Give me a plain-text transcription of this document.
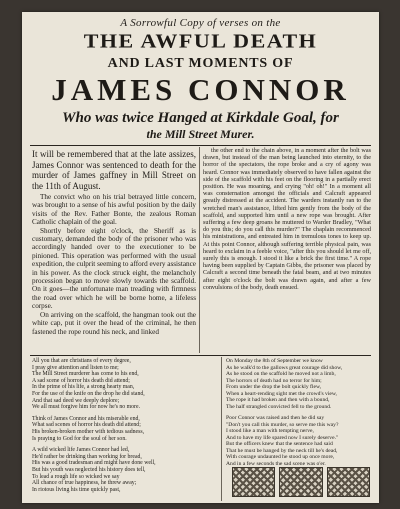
A Sorrowful Copy of verses on the
THE AWFUL DEATH
AND LAST MOMENTS OF
JAMES CONNOR
Who was twice Hanged at Kirkdale Goal, for
the Mill Street Murer.

It will be remembered that at the late assizes, James Connor was sentenced to death for the murder of James gaffney in Mill Street on the 11th of August.

The convict who on his trial betrayed little concern, was brought to a sense of his awful position by the daily visits of the Rev. Father Bonte, the zealous Roman Catholic chaplain of the goal.

Shortly before eight o'clock, the Sheriff as is customary, demanded the body of the prisoner who was accordingly handed over to the executioner to be pinioned. This operation was performed with the usual expedition, the culprit seeming to afford every assistance in his power. As the clock struck eight, the melancholy procession began to move slowly towards the scaffold. On it goes—the unfortunate man treading with firmness the road over which he will be borne home, a lifeless corpse.

On arriving on the scaffold, the hangman took out the white cap, put it over the head of the criminal, he then fastened the rope round his neck, and linked

the other end to the chain above, in a moment after the bolt was drawn, but instead of the man being launched into eternity, to the horror of the spectators, the rope broke and a cry of agony was heard. Connor was immediately observed to have fallen against the side of the scaffold with his feet on the flooring in a partially erect position. He was moaning, and crying "oh! oh!" In a moment all was consternation amongst the officials and Calcraft appeared greatly distressed at the accident. The warders instantly ran to the wretched man's assistance, lifted him gently from the body of the scaffold, and supported him until a new rope was brought. After suffering a few deep groans he muttered to Warder Bradley, "What do you this; do you call this murder?" The chaplain recommenced his ministrations, and entreated him in tremulous tones to keep up. At this point Connor, although suffering terrible physical pain, was heard to exclaim in a feeble voice, "after this you should let me off, surely this is enough. I stood it like a brick the first time." A rope having been supplied by Captain Gibbs, the prisoner was placed by Calcraft a second time beneath the fatal beam, and at two minutes after eight o'clock the bolt was drawn again, and after a few convulsions of the body, death ensued.

All you that are christians of every degree,
I pray give attention and listen to me;
The Mill Street murderer has come to his end,
A sad scene of horror his death did attend;
In the prime of his life, a strong hearty man,
For the use of the knife on the drop he did stand,
And that sad deed we deeply deplore;
We all must forgive him for now he's no more.
Think of James Connor and his miserable end,
What sad scenes of horror his death did attend;
His broken-broken mother with tedious sadness,
Is praying to God for the soul of her son.
A wild wicked life James Connor had led,
He'd rather be drinking than working for bread,
His was a good tradesman and might have done well,
But his youth was neglected his history does tell,
To lead a rough life so wicked we say
All chance of true happiness, he threw away;
In riotous living his time quickly past,
On Monday the 8th of September we know
As he walk'd to the gallows great courage did show,
As he stood on the scaffold he moved not a limb,
The horrors of death had no terror for him;
From under the drop the bolt quickly flew,
When a heart-rending sight met the crowd's view,
The rope it had broken and then with a bound,
The half strangled convicted fell to the ground.
Poor Connor was raised and then he did say
"Don't you call this murder, so serve me this way?
I stood like a man with tempting nerve,
And to have my life spared now I surely deserve."
But the officers knew that the sentence had said
That he must be hanged by the neck till he's dead,
With courage undaunted he stood up once more,
And in a few seconds the sad scene was o'er.
